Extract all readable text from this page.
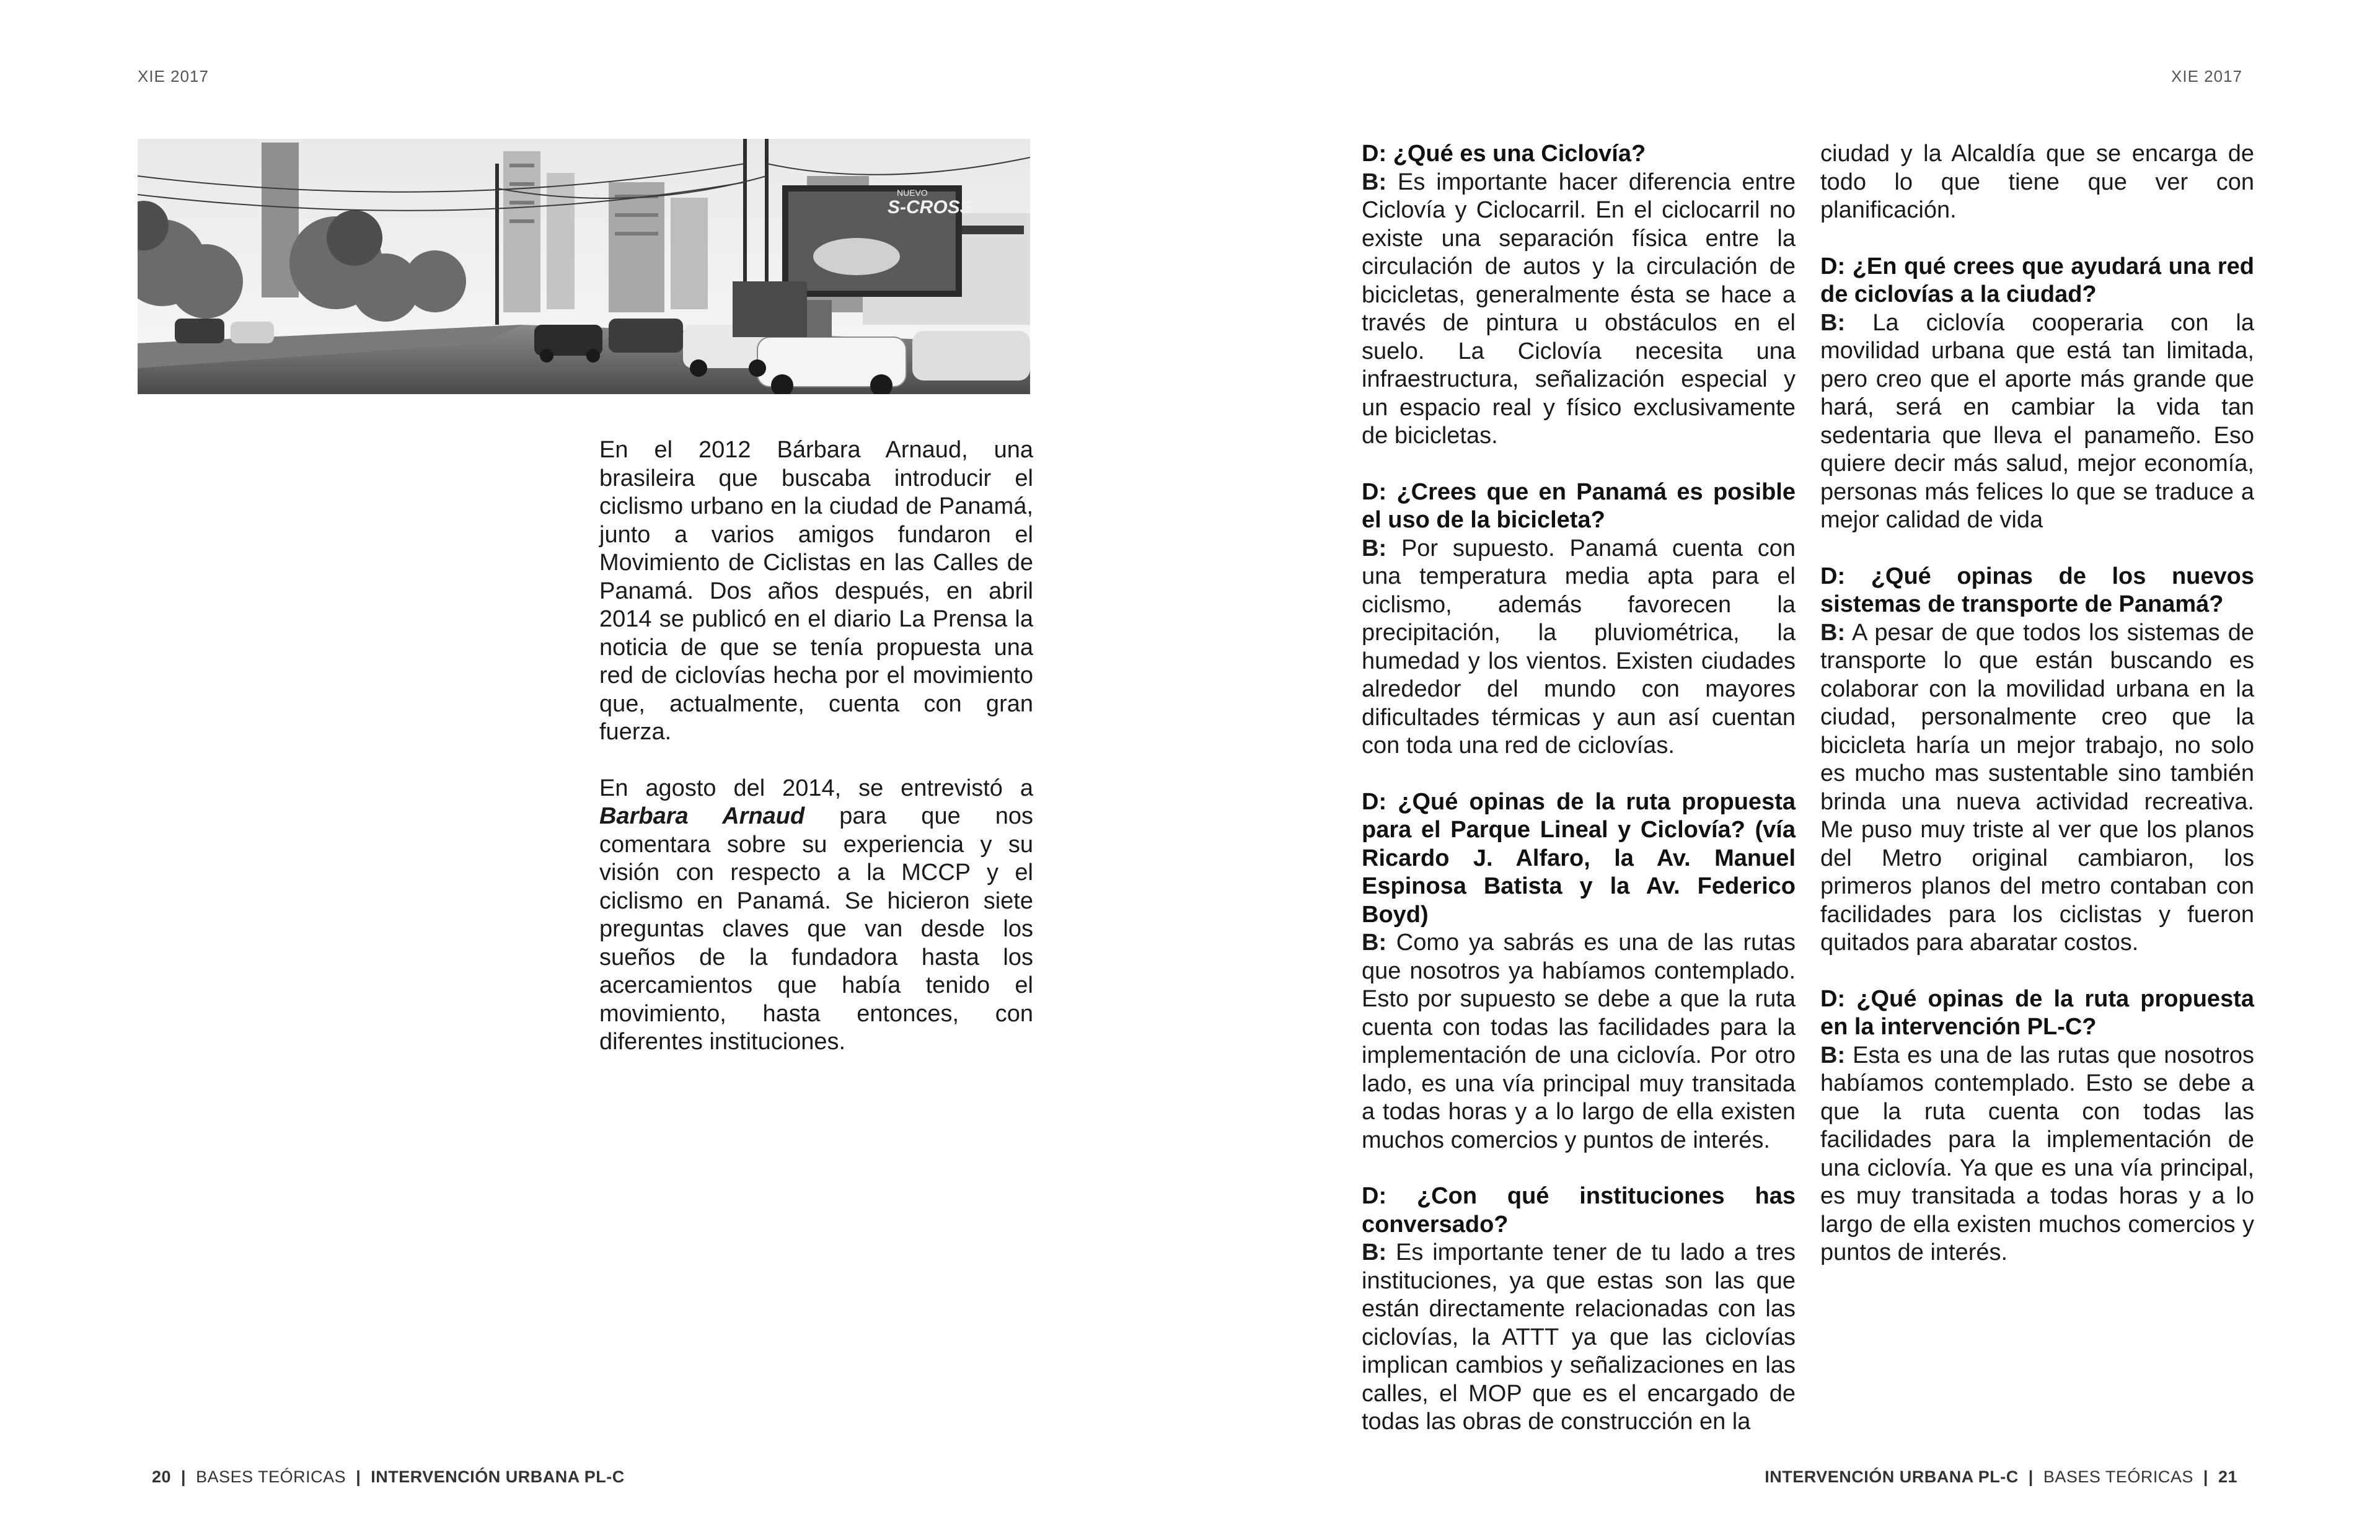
XIE 2017	XIE 2017
S-CROSS
NUEVO

En el 2012 Bárbara Arnaud, una brasileira que buscaba introducir el ciclismo urbano en la ciudad de Panamá, junto a varios amigos fundaron el Movimiento de Ciclistas en las Calles de Panamá. Dos años después, en abril 2014 se publicó en el diario La Prensa la noticia de que se tenía propuesta una red de ciclovías hecha por el movimiento que, actualmente, cuenta con gran fuerza.

En agosto del 2014, se entrevistó a Barbara Arnaud para que nos comentara sobre su experiencia y su visión con respecto a la MCCP y el ciclismo en Panamá. Se hicieron siete preguntas claves que van desde los sueños de la fundadora hasta los acercamientos que había tenido el movimiento, hasta entonces, con diferentes instituciones.

D: ¿Qué es una Ciclovía?
B: Es importante hacer diferencia entre Ciclovía y Ciclocarril. En el ciclocarril no existe una separación física entre la circulación de autos y la circulación de bicicletas, generalmente ésta se hace a través de pintura u obstáculos en el suelo. La Ciclovía necesita una infraestructura, señalización especial y un espacio real y físico exclusivamente de bicicletas.
D: ¿Crees que en Panamá es posible el uso de la bicicleta?
B: Por supuesto. Panamá cuenta con una temperatura media apta para el ciclismo, además favorecen la precipitación, la pluviométrica, la humedad y los vientos. Existen ciudades alrededor del mundo con mayores dificultades térmicas y aun así cuentan con toda una red de ciclovías.
D: ¿Qué opinas de la ruta propuesta para el Parque Lineal y Ciclovía? (vía Ricardo J. Alfaro, la Av. Manuel Espinosa Batista y la Av. Federico Boyd)
B: Como ya sabrás es una de las rutas que nosotros ya habíamos contemplado. Esto por supuesto se debe a que la ruta cuenta con todas las facilidades para la implementación de una ciclovía. Por otro lado, es una vía principal muy transitada a todas horas y a lo largo de ella existen muchos comercios y puntos de interés.
D: ¿Con qué instituciones has conversado?
B: Es importante tener de tu lado a tres instituciones, ya que estas son las que están directamente relacionadas con las ciclovías, la ATTT ya que las ciclovías implican cambios y señalizaciones en las calles, el MOP que es el encargado de todas las obras de construcción en la
ciudad y la Alcaldía que se encarga de todo lo que tiene que ver con planificación.
D: ¿En qué crees que ayudará una red de ciclovías a la ciudad?
B: La ciclovía cooperaria con la movilidad urbana que está tan limitada, pero creo que el aporte más grande que hará, será en cambiar la vida tan sedentaria que lleva el panameño. Eso quiere decir más salud, mejor economía, personas más felices lo que se traduce a mejor calidad de vida
D: ¿Qué opinas de los nuevos sistemas de transporte de Panamá?
B: A pesar de que todos los sistemas de transporte lo que están buscando es colaborar con la movilidad urbana en la ciudad, personalmente creo que la bicicleta haría un mejor trabajo, no solo es mucho mas sustentable sino también brinda una nueva actividad recreativa. Me puso muy triste al ver que los planos del Metro original cambiaron, los primeros planos del metro contaban con facilidades para los ciclistas y fueron quitados para abaratar costos.
D: ¿Qué opinas de la ruta propuesta en la intervención PL-C?
B: Esta es una de las rutas que nosotros habíamos contemplado. Esto se debe a que la ruta cuenta con todas las facilidades para la implementación de una ciclovía. Ya que es una vía principal, es muy transitada a todas horas y a lo largo de ella existen muchos comercios y puntos de interés.
20 | BASES TEÓRICAS | INTERVENCIÓN URBANA PL-C	INTERVENCIÓN URBANA PL-C | BASES TEÓRICAS | 21
